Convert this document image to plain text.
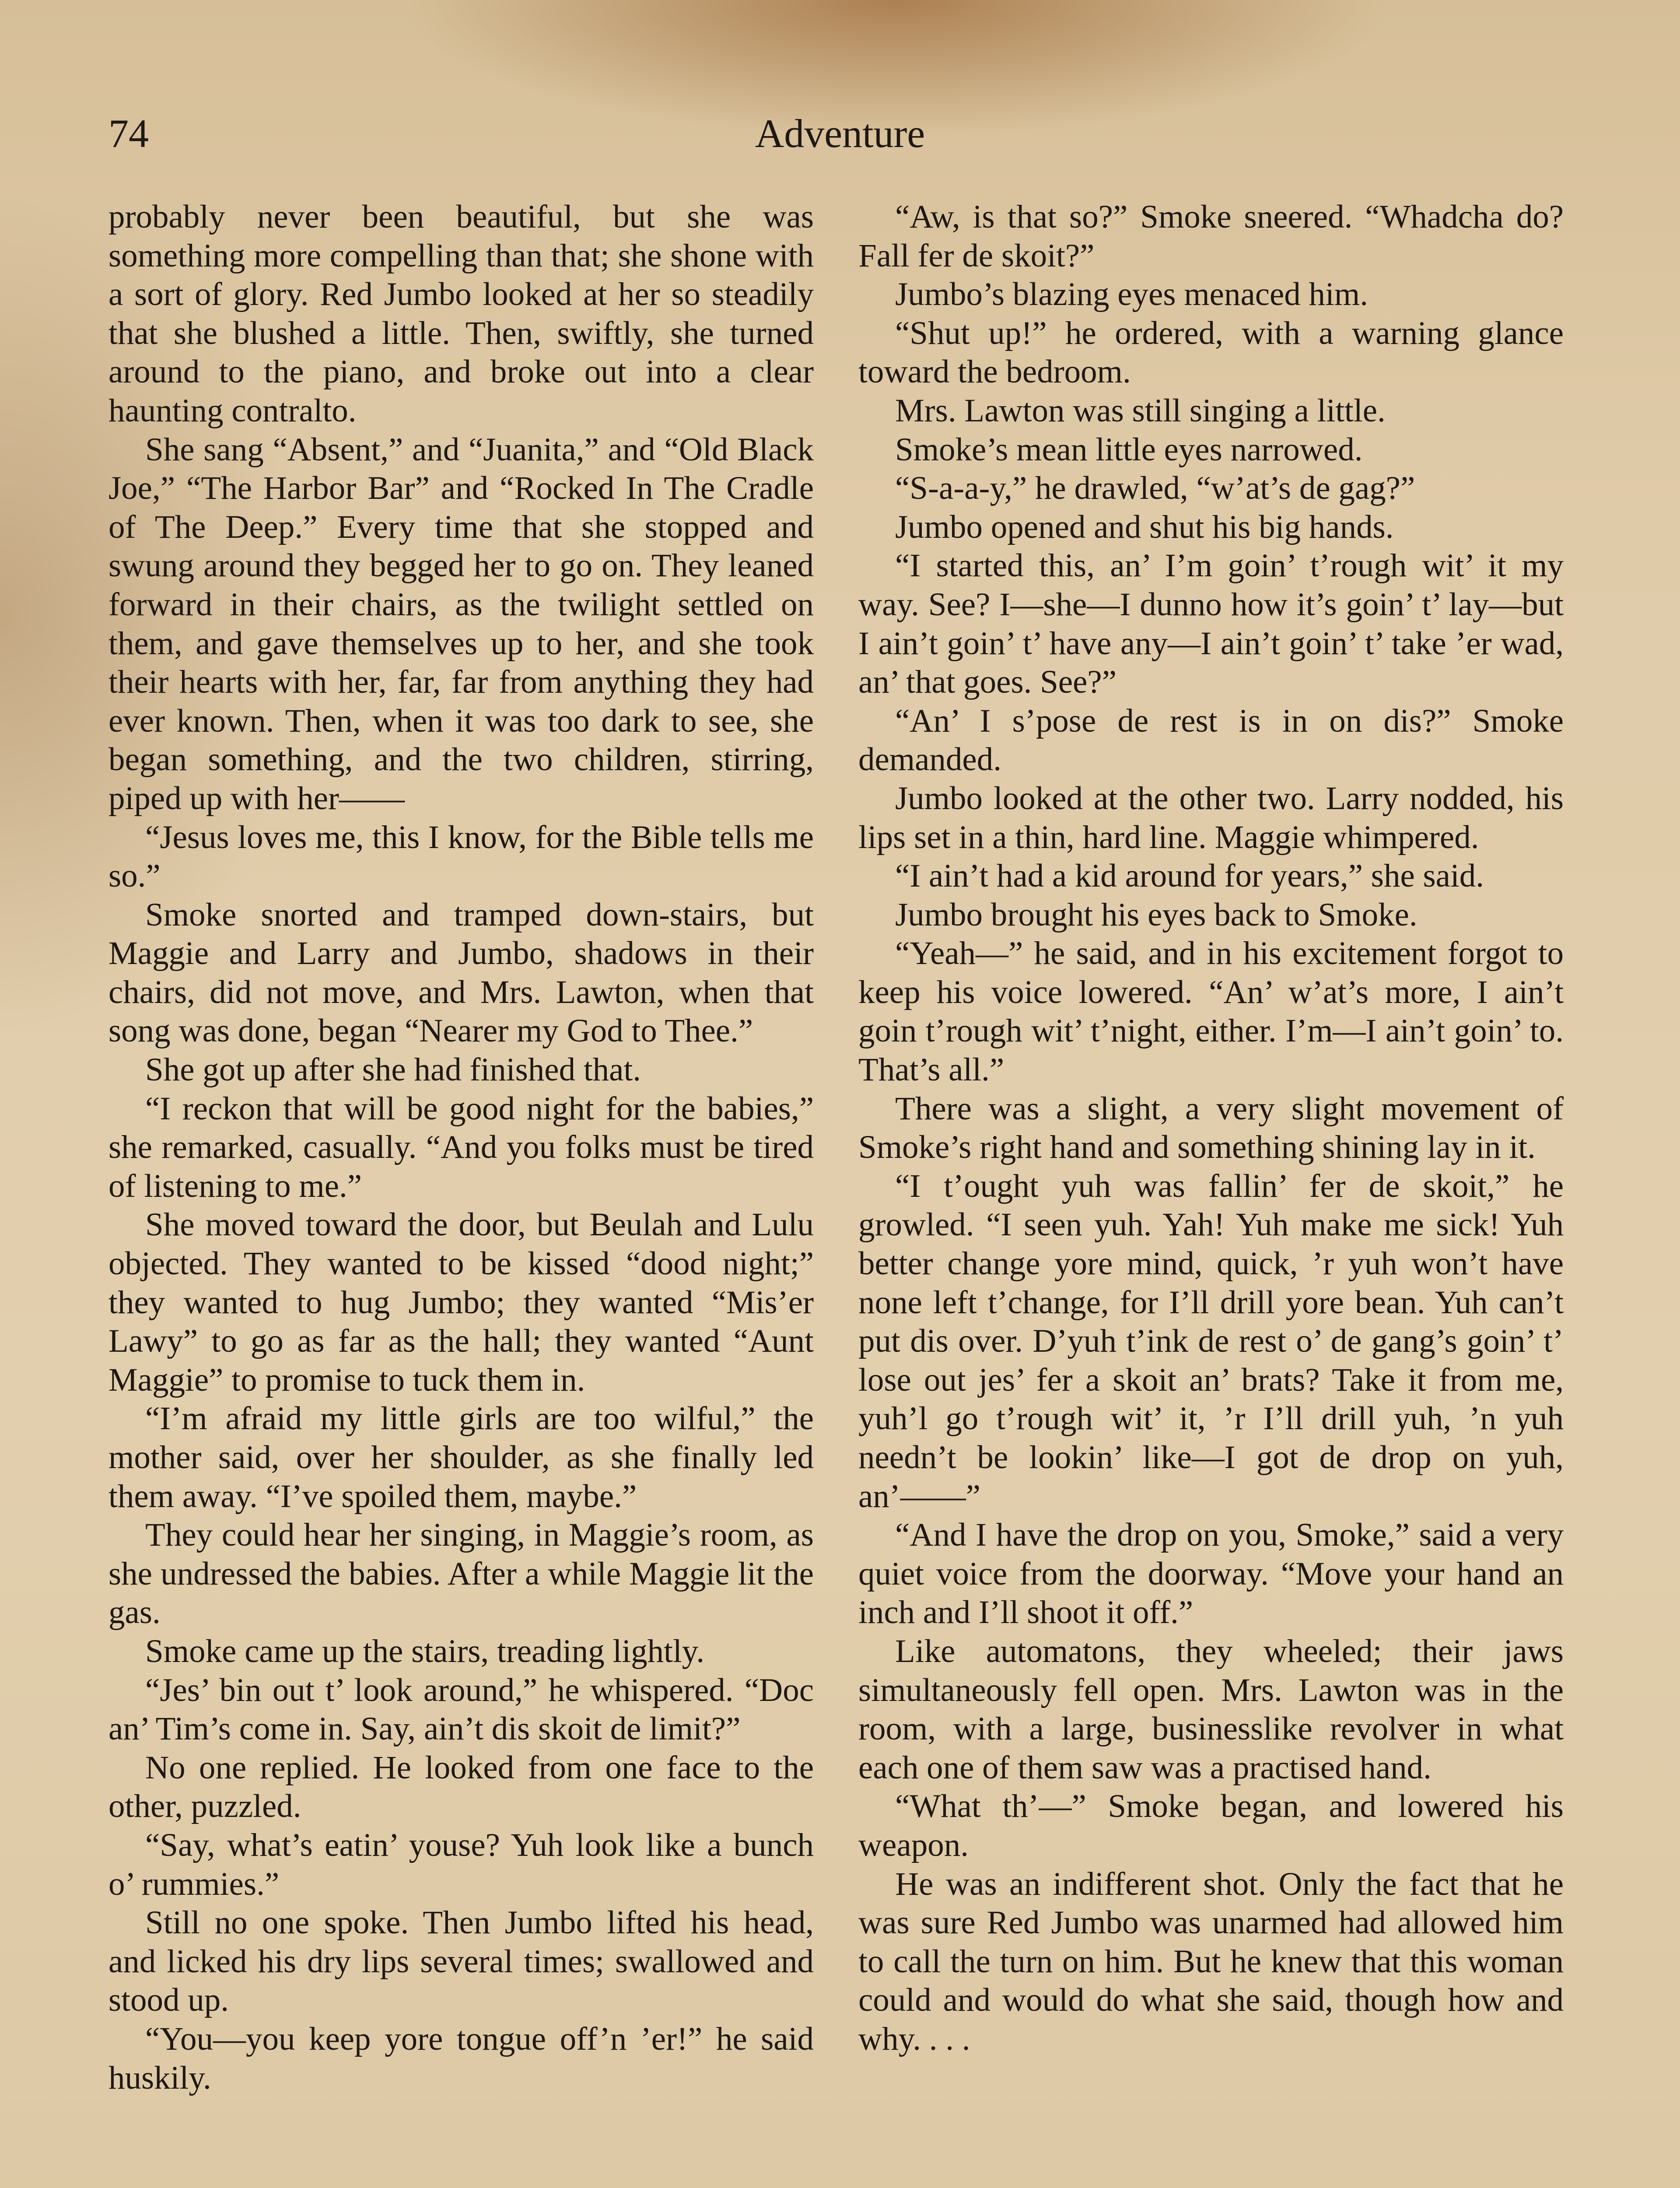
74	Adventure

probably never been beautiful, but she was something more compelling than that; she shone with a sort of glory. Red Jumbo looked at her so steadily that she blushed a little. Then, swiftly, she turned around to the piano, and broke out into a clear haunting contralto.

She sang “Absent,” and “Juanita,” and “Old Black Joe,” “The Harbor Bar” and “Rocked In The Cradle of The Deep.” Every time that she stopped and swung around they begged her to go on. They leaned forward in their chairs, as the twilight settled on them, and gave themselves up to her, and she took their hearts with her, far, far from anything they had ever known. Then, when it was too dark to see, she began something, and the two children, stirring, piped up with her——

“Jesus loves me, this I know, for the Bible tells me so.”

Smoke snorted and tramped down-stairs, but Maggie and Larry and Jumbo, shadows in their chairs, did not move, and Mrs. Lawton, when that song was done, began “Nearer my God to Thee.”

She got up after she had finished that.

“I reckon that will be good night for the babies,” she remarked, casually. “And you folks must be tired of listening to me.”

She moved toward the door, but Beulah and Lulu objected. They wanted to be kissed “dood night;” they wanted to hug Jumbo; they wanted “Mis’er Lawy” to go as far as the hall; they wanted “Aunt Maggie” to promise to tuck them in.

“I’m afraid my little girls are too wilful,” the mother said, over her shoulder, as she finally led them away. “I’ve spoiled them, maybe.”

They could hear her singing, in Maggie’s room, as she undressed the babies. After a while Maggie lit the gas.

Smoke came up the stairs, treading lightly.

“Jes’ bin out t’ look around,” he whispered. “Doc an’ Tim’s come in. Say, ain’t dis skoit de limit?”

No one replied. He looked from one face to the other, puzzled.

“Say, what’s eatin’ youse? Yuh look like a bunch o’ rummies.”

Still no one spoke. Then Jumbo lifted his head, and licked his dry lips several times; swallowed and stood up.

“You—you keep yore tongue off’n ’er!” he said huskily.

“Aw, is that so?” Smoke sneered. “Whadcha do? Fall fer de skoit?”

Jumbo’s blazing eyes menaced him.

“Shut up!” he ordered, with a warning glance toward the bedroom.

Mrs. Lawton was still singing a little.

Smoke’s mean little eyes narrowed.

“S-a-a-y,” he drawled, “w’at’s de gag?”

Jumbo opened and shut his big hands.

“I started this, an’ I’m goin’ t’rough wit’ it my way. See? I—she—I dunno how it’s goin’ t’ lay—but I ain’t goin’ t’ have any—I ain’t goin’ t’ take ’er wad, an’ that goes. See?”

“An’ I s’pose de rest is in on dis?” Smoke demanded.

Jumbo looked at the other two. Larry nodded, his lips set in a thin, hard line. Maggie whimpered.

“I ain’t had a kid around for years,” she said.

Jumbo brought his eyes back to Smoke.

“Yeah—” he said, and in his excitement forgot to keep his voice lowered. “An’ w’at’s more, I ain’t goin t’rough wit’ t’night, either. I’m—I ain’t goin’ to. That’s all.”

There was a slight, a very slight movement of Smoke’s right hand and something shining lay in it.

“I t’ought yuh was fallin’ fer de skoit,” he growled. “I seen yuh. Yah! Yuh make me sick! Yuh better change yore mind, quick, ’r yuh won’t have none left t’change, for I’ll drill yore bean. Yuh can’t put dis over. D’yuh t’ink de rest o’ de gang’s goin’ t’ lose out jes’ fer a skoit an’ brats? Take it from me, yuh’l go t’rough wit’ it, ’r I’ll drill yuh, ’n yuh needn’t be lookin’ like—I got de drop on yuh, an’——”

“And I have the drop on you, Smoke,” said a very quiet voice from the doorway. “Move your hand an inch and I’ll shoot it off.”

Like automatons, they wheeled; their jaws simultaneously fell open. Mrs. Lawton was in the room, with a large, businesslike revolver in what each one of them saw was a practised hand.

“What th’—” Smoke began, and lowered his weapon.

He was an indifferent shot. Only the fact that he was sure Red Jumbo was unarmed had allowed him to call the turn on him. But he knew that this woman could and would do what she said, though how and why. . . .
